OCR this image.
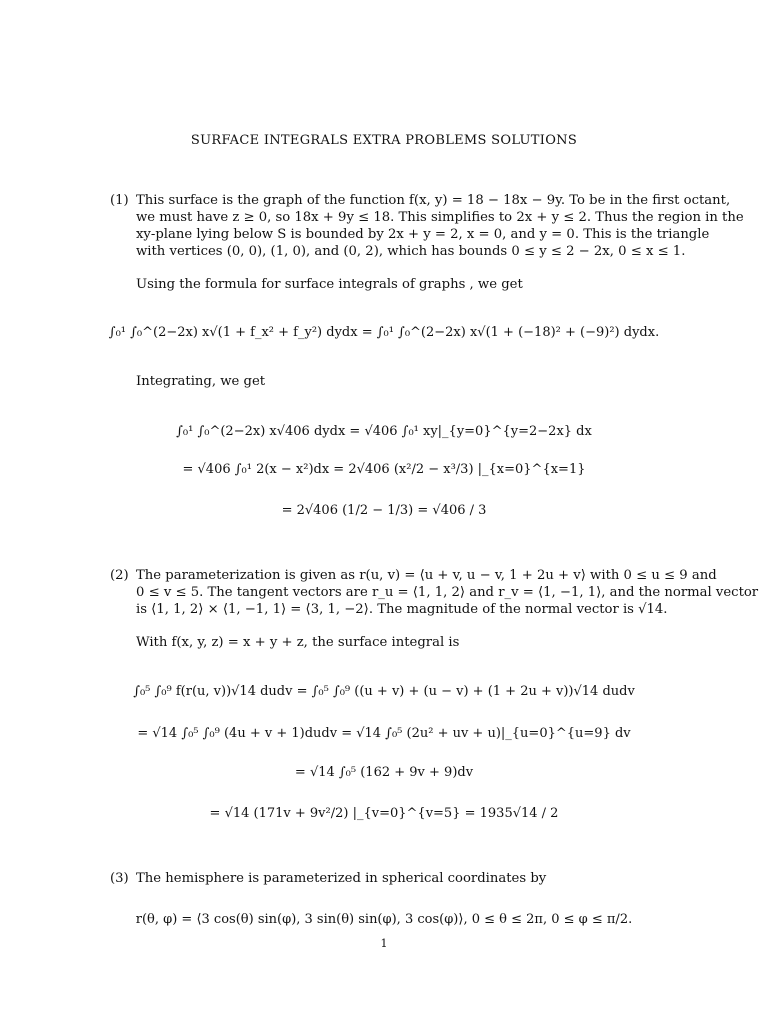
SURFACE INTEGRALS EXTRA PROBLEMS SOLUTIONS
(1) This surface is the graph of the function f(x, y) = 18 − 18x − 9y. To be in the first octant,
we must have z ≥ 0, so 18x + 9y ≤ 18. This simplifies to 2x + y ≤ 2. Thus the region in the
xy-plane lying below S is bounded by 2x + y = 2, x = 0, and y = 0. This is the triangle
with vertices (0, 0), (1, 0), and (0, 2), which has bounds 0 ≤ y ≤ 2 − 2x, 0 ≤ x ≤ 1.
Using the formula for surface integrals of graphs , we get
∫₀¹ ∫₀^(2−2x) x√(1 + f_x² + f_y²) dydx = ∫₀¹ ∫₀^(2−2x) x√(1 + (−18)² + (−9)²) dydx.
Integrating, we get
∫₀¹ ∫₀^(2−2x) x√406 dydx = √406 ∫₀¹ xy|_{y=0}^{y=2−2x} dx
= √406 ∫₀¹ 2(x − x²)dx = 2√406 (x²/2 − x³/3) |_{x=0}^{x=1}
= 2√406 (1/2 − 1/3) = √406 / 3
(2) The parameterization is given as r(u, v) = ⟨u + v, u − v, 1 + 2u + v⟩ with 0 ≤ u ≤ 9 and
0 ≤ v ≤ 5. The tangent vectors are r_u = ⟨1, 1, 2⟩ and r_v = ⟨1, −1, 1⟩, and the normal vector
is ⟨1, 1, 2⟩ × ⟨1, −1, 1⟩ = ⟨3, 1, −2⟩. The magnitude of the normal vector is √14.
With f(x, y, z) = x + y + z, the surface integral is
∫₀⁵ ∫₀⁹ f(r(u, v))√14 dudv = ∫₀⁵ ∫₀⁹ ((u + v) + (u − v) + (1 + 2u + v))√14 dudv
= √14 ∫₀⁵ ∫₀⁹ (4u + v + 1)dudv = √14 ∫₀⁵ (2u² + uv + u)|_{u=0}^{u=9} dv
= √14 ∫₀⁵ (162 + 9v + 9)dv
= √14 (171v + 9v²/2) |_{v=0}^{v=5} = 1935√14 / 2
(3) The hemisphere is parameterized in spherical coordinates by
r(θ, φ) = ⟨3 cos(θ) sin(φ), 3 sin(θ) sin(φ), 3 cos(φ)⟩, 0 ≤ θ ≤ 2π, 0 ≤ φ ≤ π/2.
1
